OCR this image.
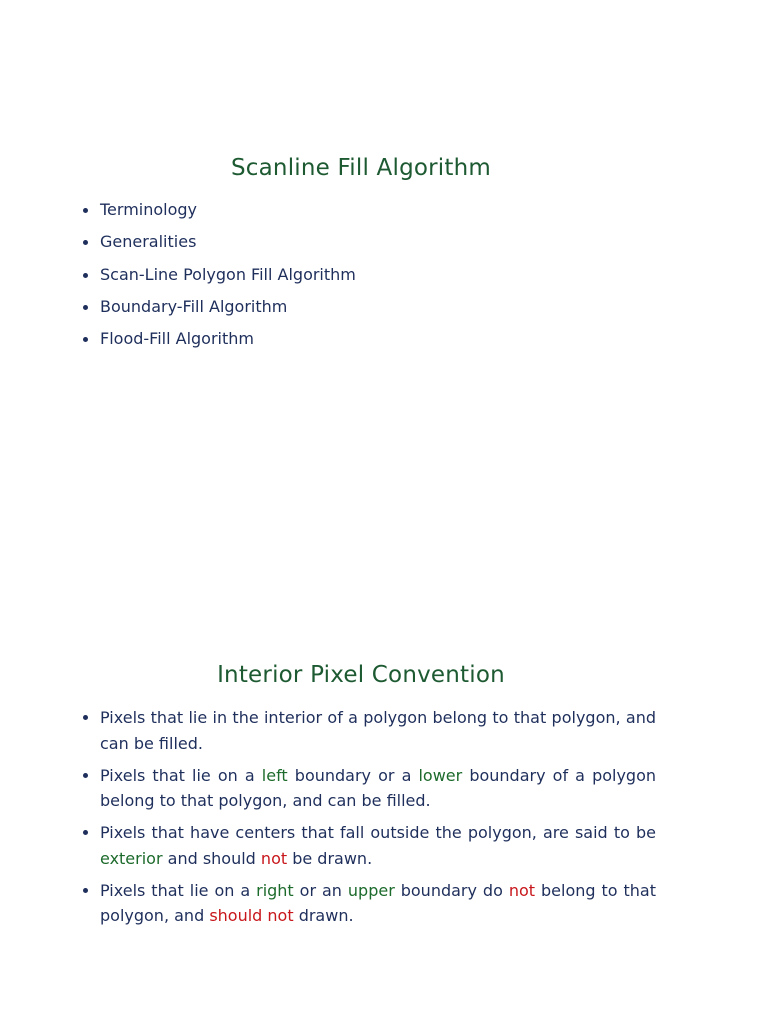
Scanline Fill Algorithm
Terminology
Generalities
Scan-Line Polygon Fill Algorithm
Boundary-Fill Algorithm
Flood-Fill Algorithm
Interior Pixel Convention
Pixels that lie in the interior of a polygon belong to that polygon, and can be filled.
Pixels that lie on a left boundary or a lower boundary of a polygon belong to that polygon, and can be filled.
Pixels that have centers that fall outside the polygon, are said to be exterior and should not be drawn.
Pixels that lie on a right or an upper boundary do not belong to that polygon, and should not drawn.
